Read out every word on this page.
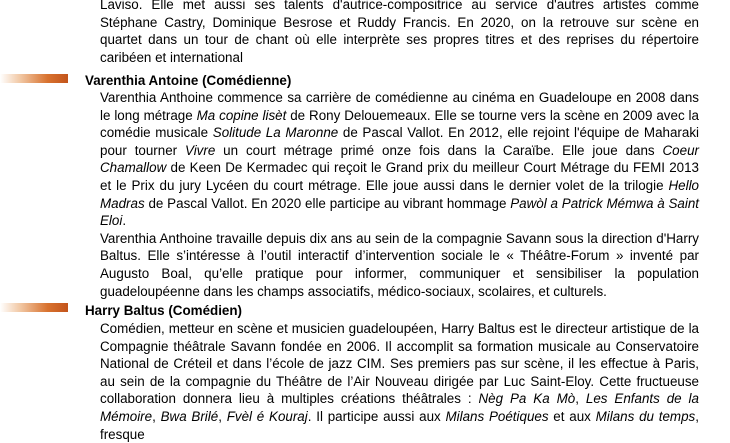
Laviso. Elle met aussi ses talents d'autrice-compositrice au service d'autres artistes comme Stéphane Castry, Dominique Besrose et Ruddy Francis. En 2020, on la retrouve sur scène en quartet dans un tour de chant où elle interprète ses propres titres et des reprises du répertoire caribéen et international

Varenthia Antoine (Comédienne)

Varenthia Anthoine commence sa carrière de comédienne au cinéma en Guadeloupe en 2008 dans le long métrage Ma copine lisèt de Rony Delouemeaux. Elle se tourne vers la scène en 2009 avec la comédie musicale Solitude La Maronne de Pascal Vallot. En 2012, elle rejoint l'équipe de Maharaki pour tourner Vivre un court métrage primé onze fois dans la Caraïbe. Elle joue dans Coeur Chamallow de Keen De Kermadec qui reçoit le Grand prix du meilleur Court Métrage du FEMI 2013 et le Prix du jury Lycéen du court métrage. Elle joue aussi dans le dernier volet de la trilogie Hello Madras de Pascal Vallot. En 2020 elle participe au vibrant hommage Pawòl a Patrick Mémwa à Saint Eloi.

Varenthia Anthoine travaille depuis dix ans au sein de la compagnie Savann sous la direction d'Harry Baltus. Elle s’intéresse à l’outil interactif d’intervention sociale le « Théâtre-Forum » inventé par Augusto Boal, qu’elle pratique pour informer, communiquer et sensibiliser la population guadeloupéenne dans les champs associatifs, médico-sociaux, scolaires, et culturels.

Harry Baltus (Comédien)

Comédien, metteur en scène et musicien guadeloupéen, Harry Baltus est le directeur artistique de la Compagnie théâtrale Savann fondée en 2006. Il accomplit sa formation musicale au Conservatoire National de Créteil et dans l’école de jazz CIM. Ses premiers pas sur scène, il les effectue à Paris, au sein de la compagnie du Théâtre de l’Air Nouveau dirigée par Luc Saint-Eloy. Cette fructueuse collaboration donnera lieu à multiples créations théâtrales : Nèg Pa Ka Mò, Les Enfants de la Mémoire, Bwa Brilé, Fvèl é Kouraj. Il participe aussi aux Milans Poétiques et aux Milans du temps, fresque
